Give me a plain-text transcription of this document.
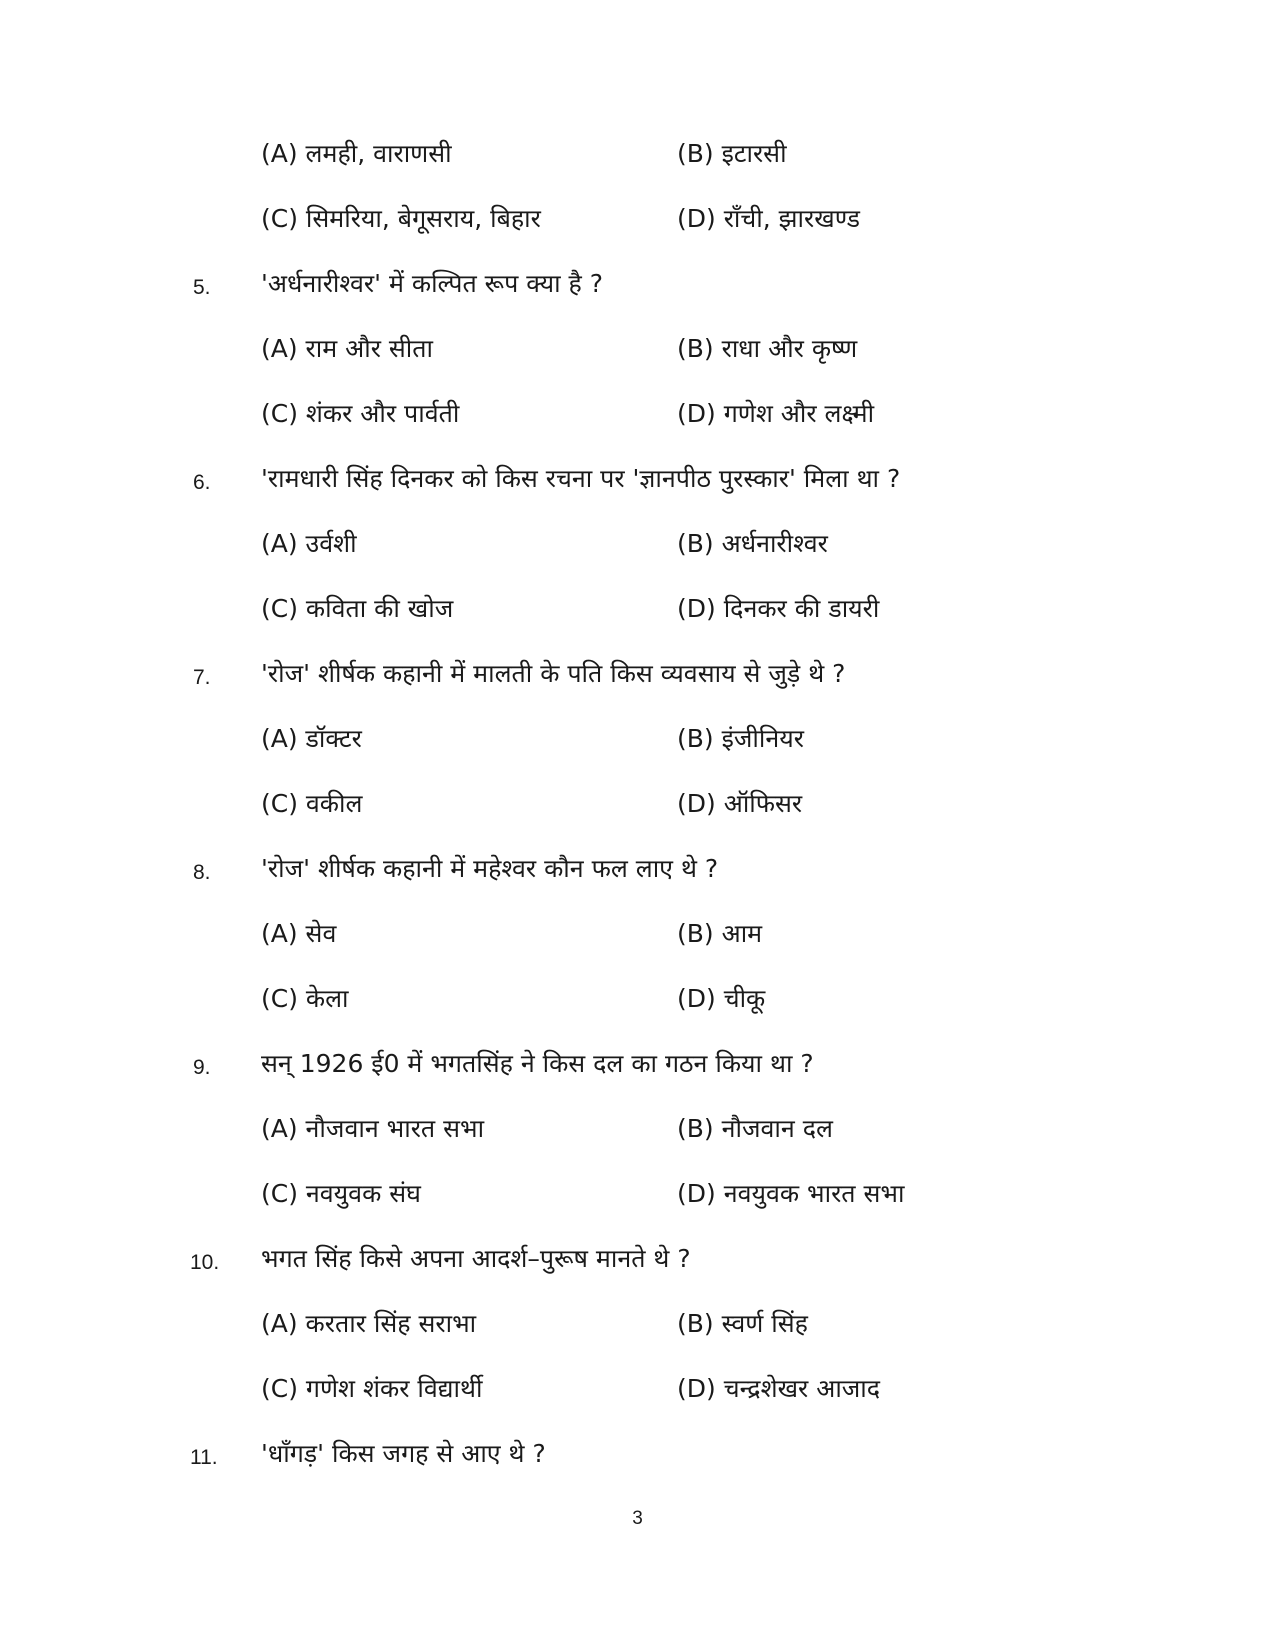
(A) लमही, वाराणसी	(B) इटारसी
(C) सिमरिया, बेगूसराय, बिहार	(D) राँची, झारखण्ड
5. 'अर्धनारीश्वर' में कल्पित रूप क्या है ?
(A) राम और सीता	(B) राधा और कृष्ण
(C) शंकर और पार्वती	(D) गणेश और लक्ष्मी
6. 'रामधारी सिंह दिनकर को किस रचना पर 'ज्ञानपीठ पुरस्कार' मिला था ?
(A) उर्वशी	(B) अर्धनारीश्वर
(C) कविता की खोज	(D) दिनकर की डायरी
7. 'रोज' शीर्षक कहानी में मालती के पति किस व्यवसाय से जुड़े थे ?
(A) डॉक्टर	(B) इंजीनियर
(C) वकील	(D) ऑफिसर
8. 'रोज' शीर्षक कहानी में महेश्वर कौन फल लाए थे ?
(A) सेव	(B) आम
(C) केला	(D) चीकू
9. सन् 1926 ई0 में भगतसिंह ने किस दल का गठन किया था ?
(A) नौजवान भारत सभा	(B) नौजवान दल
(C) नवयुवक संघ	(D) नवयुवक भारत सभा
10. भगत सिंह किसे अपना आदर्श–पुरूष मानते थे ?
(A) करतार सिंह सराभा	(B) स्वर्ण सिंह
(C) गणेश शंकर विद्यार्थी	(D) चन्द्रशेखर आजाद
11. 'धाँगड़' किस जगह से आए थे ?
3
